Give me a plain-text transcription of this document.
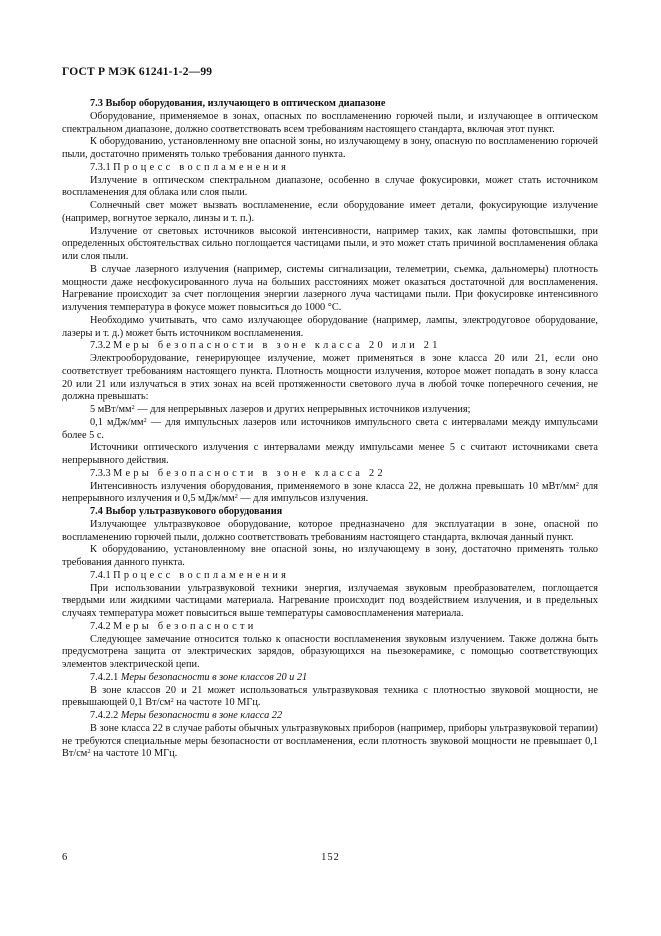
ГОСТ Р МЭК 61241-1-2—99

7.3 Выбор оборудования, излучающего в оптическом диапазоне

Оборудование, применяемое в зонах, опасных по воспламенению горючей пыли, и излучающее в оптическом спектральном диапазоне, должно соответствовать всем требованиям настоящего стандарта, включая этот пункт.

К оборудованию, установленному вне опасной зоны, но излучающему в зону, опасную по воспламенению горючей пыли, достаточно применять только требования данного пункта.

7.3.1 Процесс воспламенения

Излучение в оптическом спектральном диапазоне, особенно в случае фокусировки, может стать источником воспламенения для облака или слоя пыли.

Солнечный свет может вызвать воспламенение, если оборудование имеет детали, фокусирующие излучение (например, вогнутое зеркало, линзы и т. п.).

Излучение от световых источников высокой интенсивности, например таких, как лампы фотовспышки, при определенных обстоятельствах сильно поглощается частицами пыли, и это может стать причиной воспламенения облака или слоя пыли.

В случае лазерного излучения (например, системы сигнализации, телеметрии, съемка, дальномеры) плотность мощности даже несфокусированного луча на больших расстояниях может оказаться достаточной для воспламенения. Нагревание происходит за счет поглощения энергии лазерного луча частицами пыли. При фокусировке интенсивного излучения температура в фокусе может повыситься до 1000 °С.

Необходимо учитывать, что само излучающее оборудование (например, лампы, электродуговое оборудование, лазеры и т. д.) может быть источником воспламенения.

7.3.2 Меры безопасности в зоне класса 20 или 21

Электрооборудование, генерирующее излучение, может применяться в зоне класса 20 или 21, если оно соответствует требованиям настоящего пункта. Плотность мощности излучения, которое может попадать в зону класса 20 или 21 или излучаться в этих зонах на всей протяженности светового луча в любой точке поперечного сечения, не должна превышать:

5 мВт/$мм^2$ — для непрерывных лазеров и других непрерывных источников излучения;

0,1 мДж/$мм^2$ — для импульсных лазеров или источников импульсного света с интервалами между импульсами более 5 с.

Источники оптического излучения с интервалами между импульсами менее 5 с считают источниками света непрерывного действия.

7.3.3 Меры безопасности в зоне класса 22

Интенсивность излучения оборудования, применяемого в зоне класса 22, не должна превышать 10 мВт/$мм^2$ для непрерывного излучения и 0,5 мДж/$мм^2$ — для импульсов излучения.

7.4 Выбор ультразвукового оборудования

Излучающее ультразвуковое оборудование, которое предназначено для эксплуатации в зоне, опасной по воспламенению горючей пыли, должно соответствовать требованиям настоящего стандарта, включая данный пункт.

К оборудованию, установленному вне опасной зоны, но излучающему в зону, достаточно применять только требования данного пункта.

7.4.1 Процесс воспламенения

При использовании ультразвуковой техники энергия, излучаемая звуковым преобразователем, поглощается твердыми или жидкими частицами материала. Нагревание происходит под воздействием излучения, и в предельных случаях температура может повыситься выше температуры самовоспламенения материала.

7.4.2 Меры безопасности

Следующее замечание относится только к опасности воспламенения звуковым излучением. Также должна быть предусмотрена защита от электрических зарядов, образующихся на пьезокерамике, с помощью соответствующих элементов электрической цепи.

7.4.2.1 Меры безопасности в зоне классов 20 и 21

В зоне классов 20 и 21 может использоваться ультразвуковая техника с плотностью звуковой мощности, не превышающей 0,1 $Вт/см^2$ на частоте 10 МГц.

7.4.2.2 Меры безопасности в зоне класса 22

В зоне класса 22 в случае работы обычных ультразвуковых приборов (например, приборы ультразвуковой терапии) не требуются специальные меры безопасности от воспламенения, если плотность звуковой мощности не превышает 0,1 $Вт/см^2$ на частоте 10 МГц.

6	152
